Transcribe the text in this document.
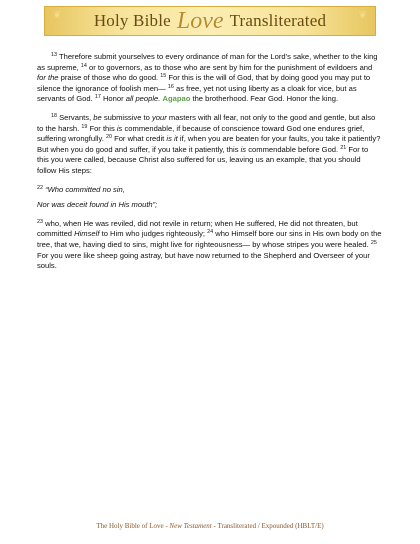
❦ Holy Bible Love Transliterated	❦

$^{13}$ Therefore submit yourselves to every ordinance of man for the Lord’s sake, whether to the king as supreme, $^{14}$ or to governors, as to those who are sent by him for the punishment of evildoers and for the praise of those who do good. $^{15}$ For this is the will of God, that by doing good you may put to silence the ignorance of foolish men— $^{16}$ as free, yet not using liberty as a cloak for vice, but as servants of God. $^{17}$ Honor all people. Agapao the brotherhood. Fear God. Honor the king.

$^{18}$ Servants, be submissive to your masters with all fear, not only to the good and gentle, but also to the harsh. $^{19}$ For this is commendable, if because of conscience toward God one endures grief, suffering wrongfully. $^{20}$ For what credit is it if, when you are beaten for your faults, you take it patiently? But when you do good and suffer, if you take it patiently, this is commendable before God. $^{21}$ For to this you were called, because Christ also suffered for us, leaving us an example, that you should follow His steps:

$^{22}$ “Who committed no sin,

Nor was deceit found in His mouth”;

$^{23}$ who, when He was reviled, did not revile in return; when He suffered, He did not threaten, but committed Himself to Him who judges righteously; $^{24}$ who Himself bore our sins in His own body on the tree, that we, having died to sins, might live for righteousness— by whose stripes you were healed. $^{25}$ For you were like sheep going astray, but have now returned to the Shepherd and Overseer of your souls.

The Holy Bible of Love - New Testament - Transliterated / Expounded (HBLT/E)
